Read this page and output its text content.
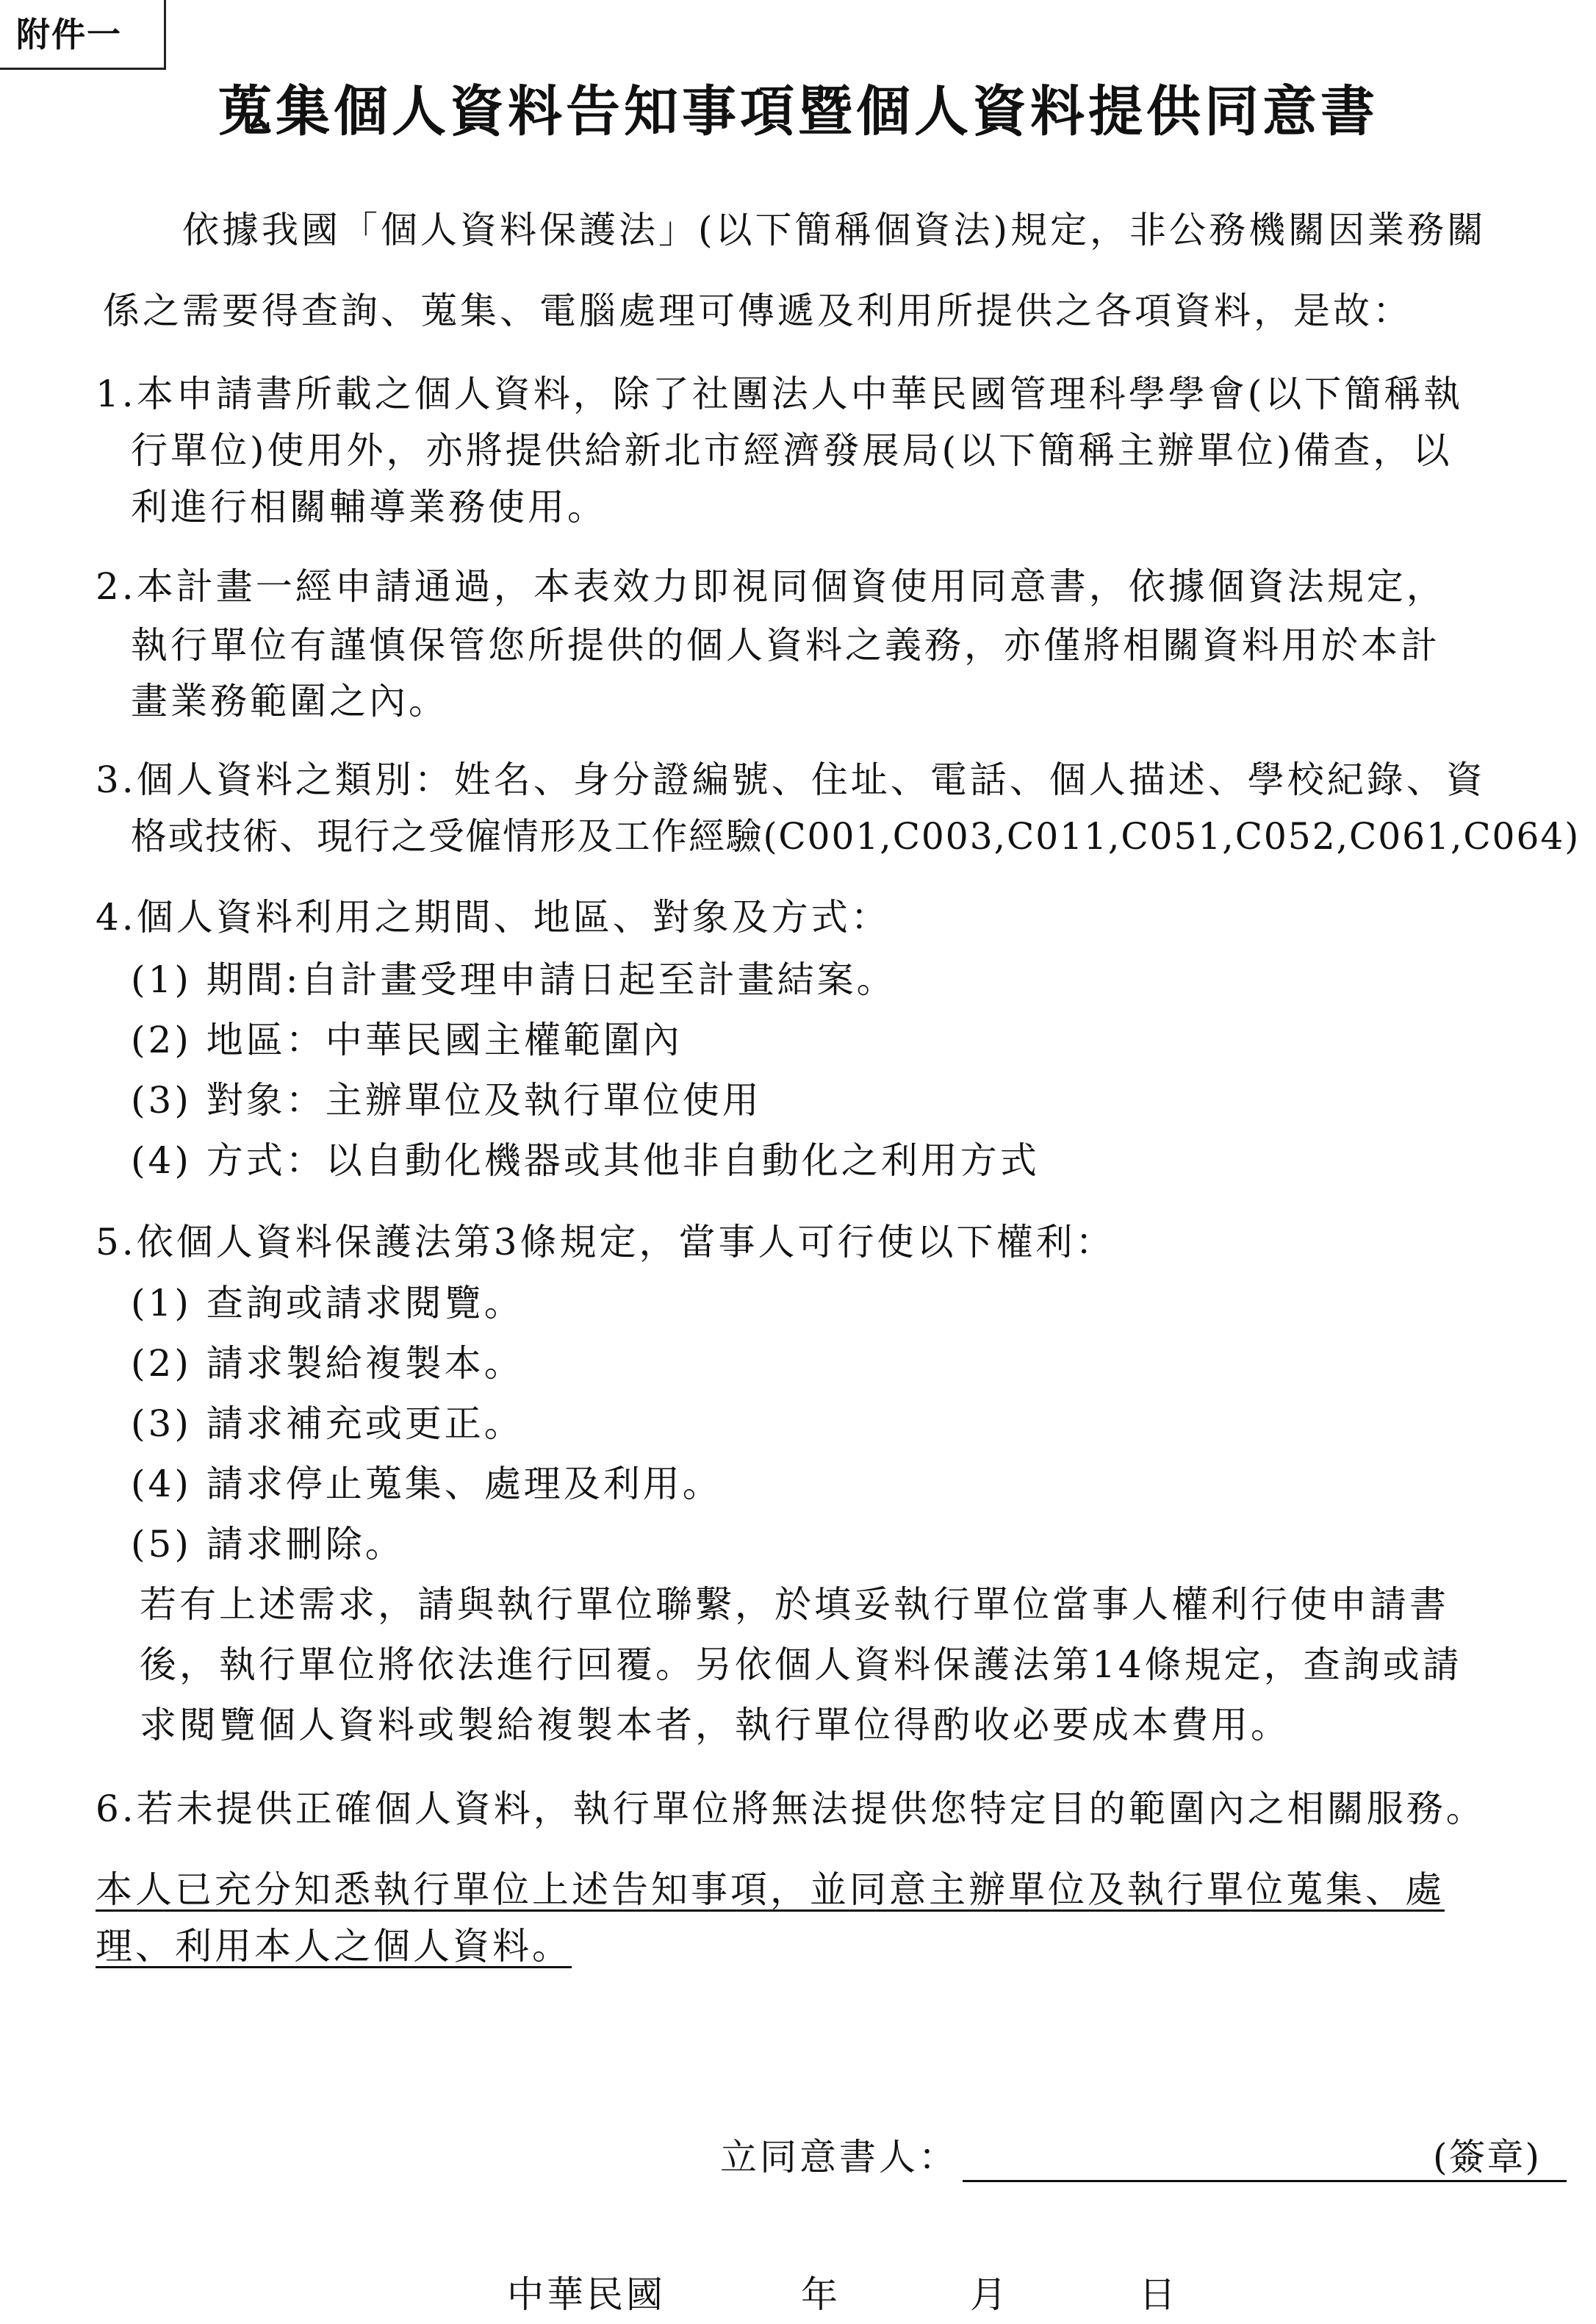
附件一
蒐集個人資料告知事項暨個人資料提供同意書
依據我國「個人資料保護法」(以下簡稱個資法)規定，非公務機關因業務關
係之需要得查詢、蒐集、電腦處理可傳遞及利用所提供之各項資料，是故：
1.本申請書所載之個人資料，除了社團法人中華民國管理科學學會(以下簡稱執
行單位)使用外，亦將提供給新北市經濟發展局(以下簡稱主辦單位)備查，以
利進行相關輔導業務使用。
2.本計畫一經申請通過，本表效力即視同個資使用同意書，依據個資法規定，
執行單位有謹慎保管您所提供的個人資料之義務，亦僅將相關資料用於本計
畫業務範圍之內。
3.個人資料之類別：姓名、身分證編號、住址、電話、個人描述、學校紀錄、資
格或技術、現行之受僱情形及工作經驗(C001,C003,C011,C051,C052,C061,C064)
4.個人資料利用之期間、地區、對象及方式：
(1) 期間:自計畫受理申請日起至計畫結案。
(2) 地區：中華民國主權範圍內
(3) 對象：主辦單位及執行單位使用
(4) 方式：以自動化機器或其他非自動化之利用方式
5.依個人資料保護法第3條規定，當事人可行使以下權利：
(1) 查詢或請求閱覽。
(2) 請求製給複製本。
(3) 請求補充或更正。
(4) 請求停止蒐集、處理及利用。
(5) 請求刪除。
若有上述需求，請與執行單位聯繫，於填妥執行單位當事人權利行使申請書
後，執行單位將依法進行回覆。另依個人資料保護法第14條規定，查詢或請
求閱覽個人資料或製給複製本者，執行單位得酌收必要成本費用。
6.若未提供正確個人資料，執行單位將無法提供您特定目的範圍內之相關服務。
本人已充分知悉執行單位上述告知事項，並同意主辦單位及執行單位蒐集、處
理、利用本人之個人資料。
立同意書人：	(簽章)
中華民國	年	月	日
